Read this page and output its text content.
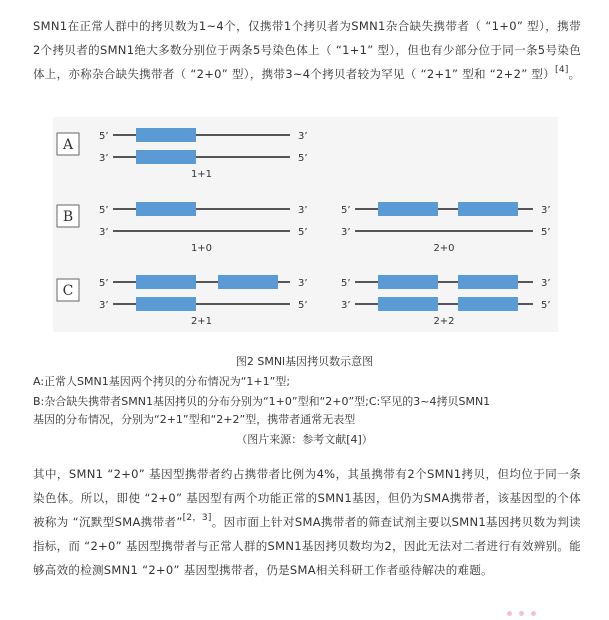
SMN1在正常人群中的拷贝数为1~4个，仅携带1个拷贝者为SMN1杂合缺失携带者（ “1+0” 型），携带2个拷贝者的SMN1绝大多数分别位于两条5号染色体上（ “1+1” 型），但也有少部分位于同一条5号染色体上，亦称杂合缺失携带者（ “2+0” 型），携带3~4个拷贝者较为罕见（ “2+1” 型和 “2+2” 型）[4]。

A
B
C
5’	3’
3’	5’
1+1
5’	3’
3’	5’
1+0
5’	3’
3’	5’
2+0
5’	3’
3’	5’
2+1
5’	3’
3’	5’
2+2
图2 SMNl基因拷贝数示意图
A:正常人SMN1基因两个拷贝的分布情况为“1+1”型;
B:杂合缺失携带者SMN1基因拷贝的分布分别为“1+0”型和“2+0”型;C:罕见的3~4拷贝SMN1
基因的分布情况，分别为“2+1”型和“2+2”型，携带者通常无表型
（图片来源：参考文献[4]）

其中，SMN1 “2+0” 基因型携带者约占携带者比例为4%，其虽携带有2个SMN1拷贝，但均位于同一条染色体。所以，即使 “2+0” 基因型有两个功能正常的SMN1基因，但仍为SMA携带者，该基因型的个体被称为 “沉默型SMA携带者”[2，3]。因市面上针对SMA携带者的筛查试剂主要以SMN1基因拷贝数为判读指标，而 “2+0” 基因型携带者与正常人群的SMN1基因拷贝数均为2，因此无法对二者进行有效辨别。能够高效的检测SMN1 “2+0” 基因型携带者，仍是SMA相关科研工作者亟待解决的难题。
